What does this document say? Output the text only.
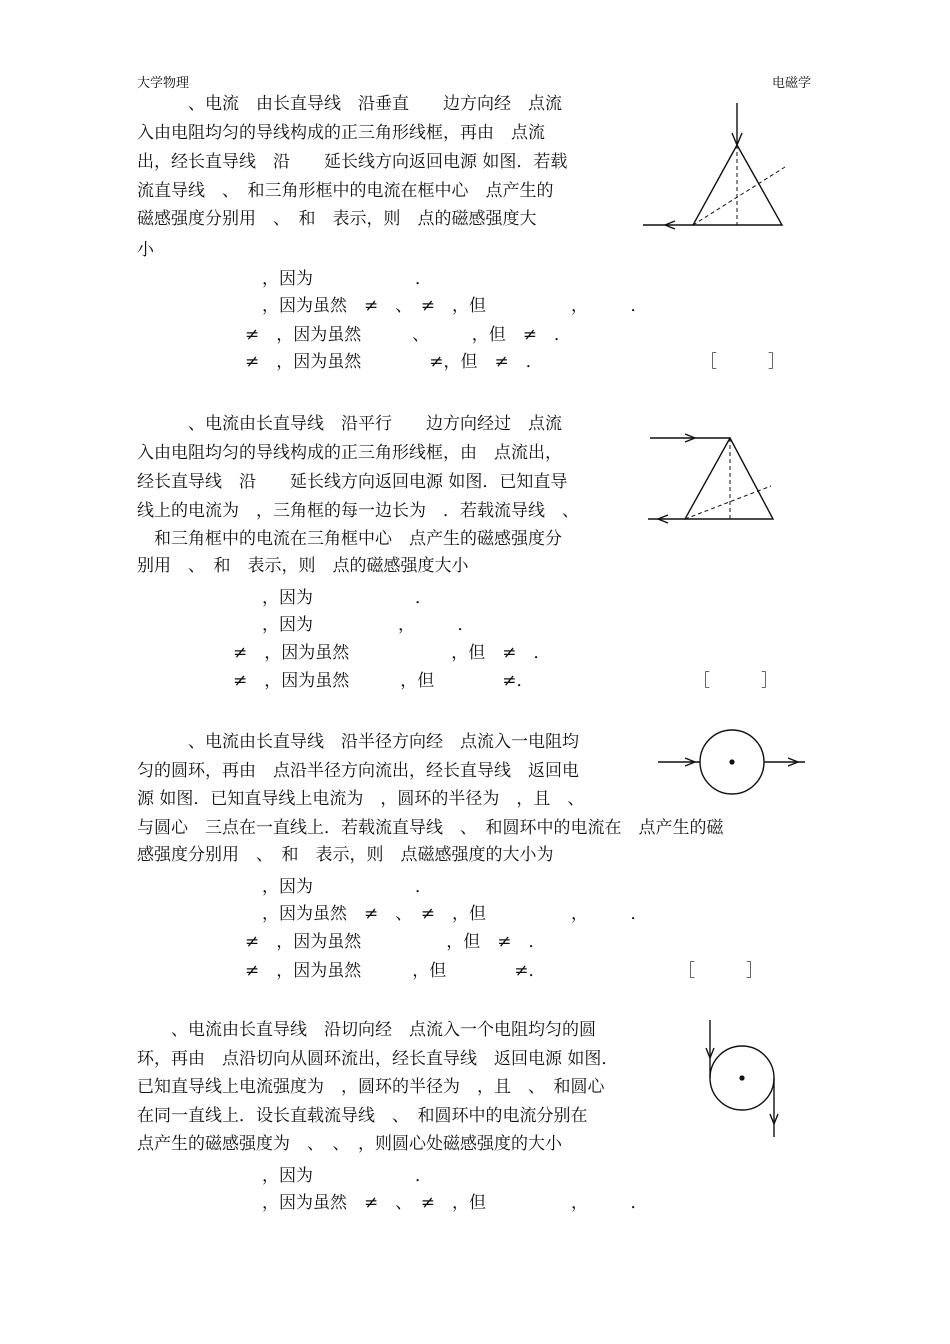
大学物理	电磁学
　　　、电流　由长直导线　沿垂直　　边方向经　点流
入由电阻均匀的导线构成的正三角形线框，再由　点流
出，经长直导线　沿　　延长线方向返回电源 如图．若载
流直导线　、　和三角形框中的电流在框中心　点产生的
磁感强度分别用　、　和　表示，则　点的磁感强度大
小
　，因为　　　　　　．
　，因为虽然　≠　、　≠　，但　　　　　，　　　．
≠　，因为虽然　　　、　　　，但　≠　．
≠　，因为虽然　　　　≠，但　≠　．	［　　　］
　　　、电流由长直导线　沿平行　　边方向经过　点流
入由电阻均匀的导线构成的正三角形线框，由　点流出，
经长直导线　沿　　延长线方向返回电源 如图．已知直导
线上的电流为　，三角框的每一边长为　．若载流导线　、
　和三角框中的电流在三角框中心　点产生的磁感强度分
别用　、　和　表示，则　点的磁感强度大小
　，因为　　　　　　．
　，因为　　　　　，　　　．
≠　，因为虽然　　　　　　，但　≠　．
≠　，因为虽然　　　，但　　　　≠．	［　　　］
　　　、电流由长直导线　沿半径方向经　点流入一电阻均
匀的圆环，再由　点沿半径方向流出，经长直导线　返回电
源 如图．已知直导线上电流为　，圆环的半径为　，且　、
与圆心　三点在一直线上．若载流直导线　、　和圆环中的电流在　点产生的磁
感强度分别用　、　和　表示，则　点磁感强度的大小为
　，因为　　　　　　．
　，因为虽然　≠　、　≠　，但　　　　　，　　　．
≠　，因为虽然　　　　　，但　≠　．
≠　，因为虽然　　　，但　　　　≠．	［　　　］
　　、电流由长直导线　沿切向经　点流入一个电阻均匀的圆
环，再由　点沿切向从圆环流出，经长直导线　返回电源 如图．
已知直导线上电流强度为　，圆环的半径为　，且　、　和圆心
在同一直线上．设长直载流导线　、　和圆环中的电流分别在
点产生的磁感强度为　、　、　，则圆心处磁感强度的大小
　，因为　　　　　　．
　，因为虽然　≠　、　≠　，但　　　　　，　　　．
